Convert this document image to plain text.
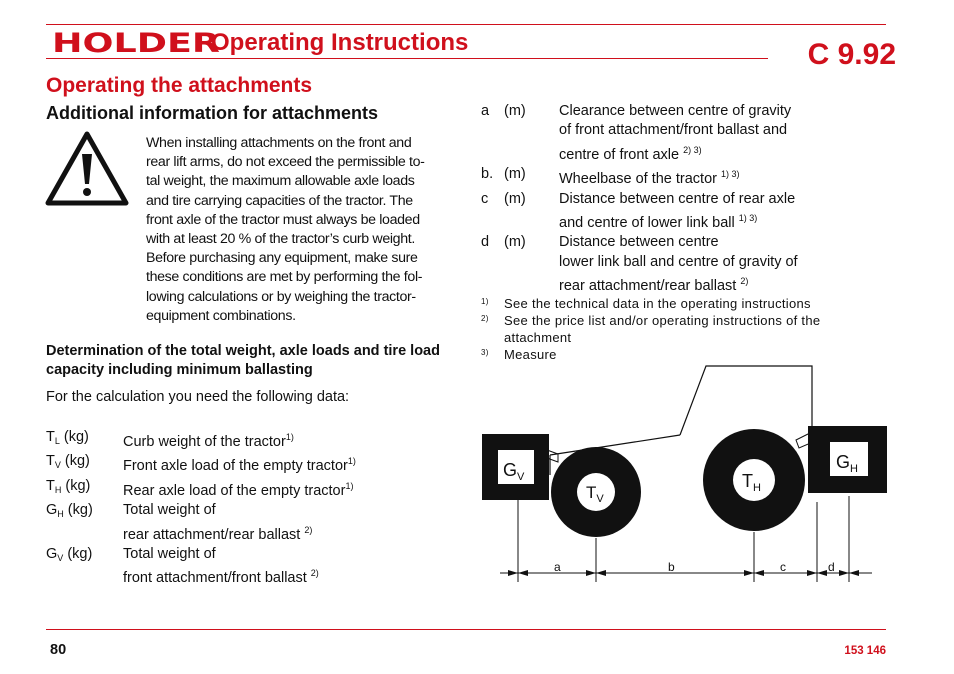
HOLDER
Operating Instructions	C 9.92
Operating the attachments
Additional information for attachments
When installing attachments on the front and
rear lift arms, do not exceed the permissible to-
tal weight, the maximum allowable axle loads
and tire carrying capacities of the tractor. The
front axle of the tractor must always be loaded
with at least 20 % of the tractor’s curb weight.
Before purchasing any equipment, make sure
these conditions are met by performing the fol-
lowing calculations or by weighing the tractor-
equipment combinations.
Determination of the total weight, axle loads and tire load capacity including minimum ballasting
For the calculation you need the following data:
$T_L$ (kg)	Curb weight of the tractor$^{1)}$
$T_V$ (kg)	Front axle load of the empty tractor$^{1)}$
$T_H$ (kg)	Rear axle load of the empty tractor$^{1)}$
$G_H$ (kg)	Total weight of
rear attachment/rear ballast $^{2)}$
$G_V$ (kg)	Total weight of
front attachment/front ballast $^{2)}$
a	(m)	Clearance between centre of gravity
of front attachment/front ballast and
centre of front axle $^{2) 3)}$
b. (m)	Wheelbase of the tractor $^{1) 3)}$
c	(m)	Distance between centre of rear axle
and centre of lower link ball $^{1) 3)}$
d	(m)	Distance between centre
lower link ball and centre of gravity of
rear attachment/rear ballast $^{2)}$
1)	See the technical data in the operating instructions
2)	See the price list and/or operating instructions of the attachment
3)	Measure
$G_V$
$G_H$
$T_V$
$T_H$
a	b	c	d
80	153 146
